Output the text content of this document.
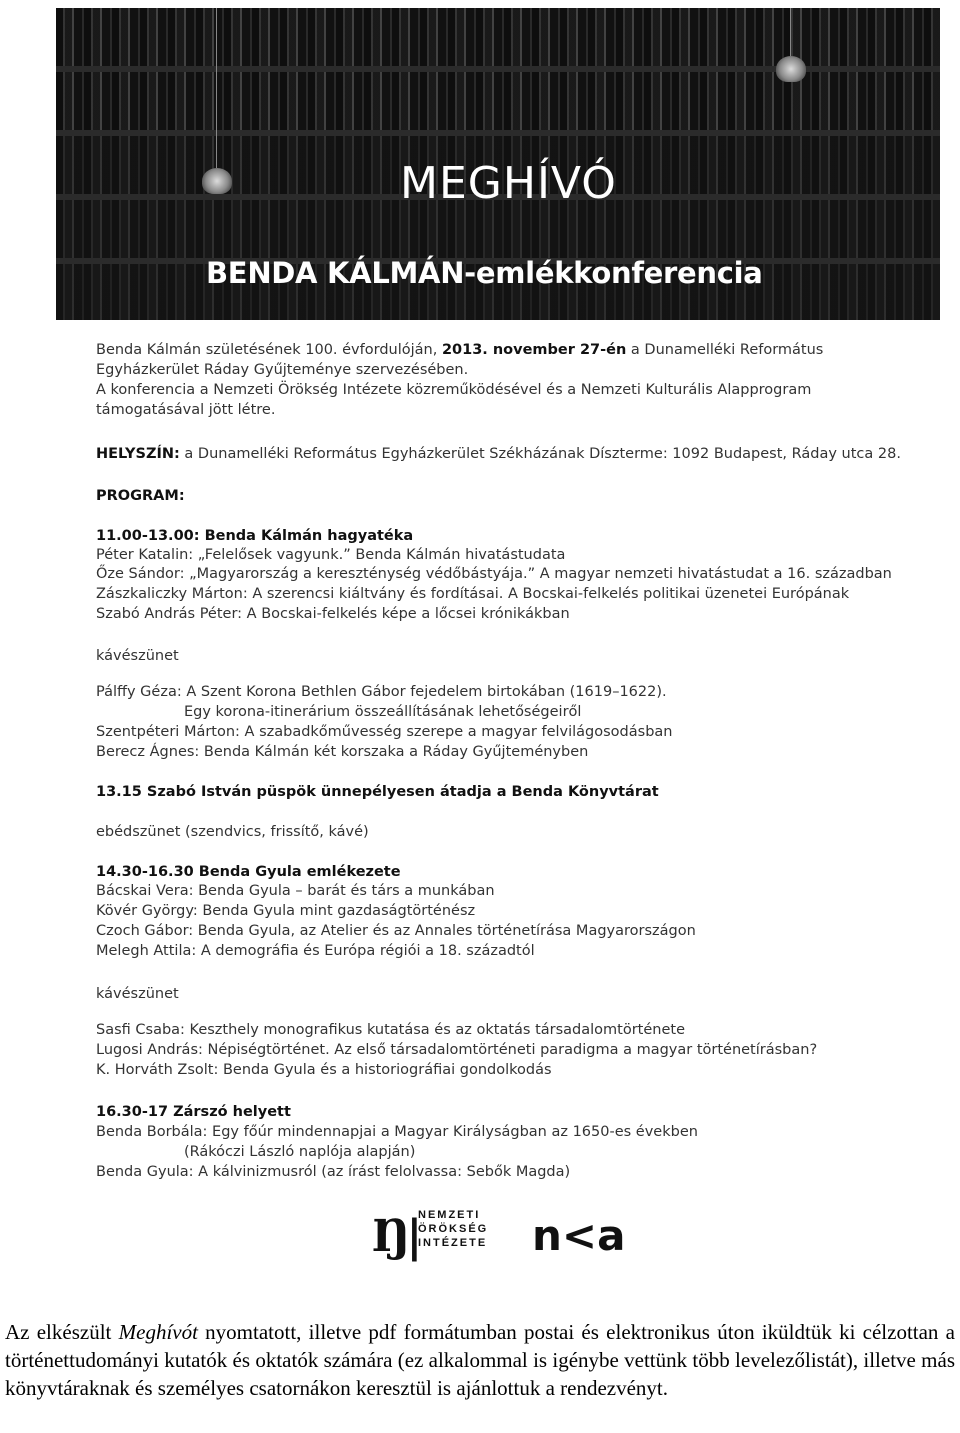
MEGHÍVÓ
BENDA KÁLMÁN-emlékkonferencia
Benda Kálmán születésének 100. évfordulóján, 2013. november 27-én a Dunamelléki Református
Egyházkerület Ráday Gyűjteménye szervezésében.
A konferencia a Nemzeti Örökség Intézete közreműködésével és a Nemzeti Kulturális Alapprogram
támogatásával jött létre.
HELYSZÍN: a Dunamelléki Református Egyházkerület Székházának Díszterme: 1092 Budapest, Ráday utca 28.
PROGRAM:
11.00-13.00: Benda Kálmán hagyatéka
Péter Katalin: „Felelősek vagyunk.” Benda Kálmán hivatástudata
Őze Sándor: „Magyarország a kereszténység védőbástyája.” A magyar nemzeti hivatástudat a 16. században
Zászkaliczky Márton: A szerencsi kiáltvány és fordításai. A Bocskai-felkelés politikai üzenetei Európának
Szabó András Péter: A Bocskai-felkelés képe a lőcsei krónikákban
kávészünet
Pálffy Géza: A Szent Korona Bethlen Gábor fejedelem birtokában (1619–1622).
Egy korona-itinerárium összeállításának lehetőségeiről
Szentpéteri Márton: A szabadkőművesség szerepe a magyar felvilágosodásban
Berecz Ágnes: Benda Kálmán két korszaka a Ráday Gyűjteményben
13.15 Szabó István püspök ünnepélyesen átadja a Benda Könyvtárat
ebédszünet (szendvics, frissítő, kávé)
14.30-16.30 Benda Gyula emlékezete
Bácskai Vera: Benda Gyula – barát és társ a munkában
Kövér György: Benda Gyula mint gazdaságtörténész
Czoch Gábor: Benda Gyula, az Atelier és az Annales történetírása Magyarországon
Melegh Attila: A demográfia és Európa régiói a 18. századtól
kávészünet
Sasfi Csaba: Keszthely monografikus kutatása és az oktatás társadalomtörténete
Lugosi András: Népiségtörténet. Az első társadalomtörténeti paradigma a magyar történetírásban?
K. Horváth Zsolt: Benda Gyula és a historiográfiai gondolkodás
16.30-17 Zárszó helyett
Benda Borbála: Egy főúr mindennapjai a Magyar Királyságban az 1650-es években
(Rákóczi László naplója alapján)
Benda Gyula: A kálvinizmusról (az írást felolvassa: Sebők Magda)
Ŋ| NEMZETI
ÖRÖKSÉG
INTÉZETE n<a
Az elkészült Meghívót nyomtatott, illetve pdf formátumban postai és elektronikus úton iküldtük ki célzottan a történettudományi kutatók és oktatók számára (ez alkalommal is igénybe vettünk több levelezőlistát), illetve más könyvtáraknak és személyes csatornákon keresztül is ajánlottuk a rendezvényt.
